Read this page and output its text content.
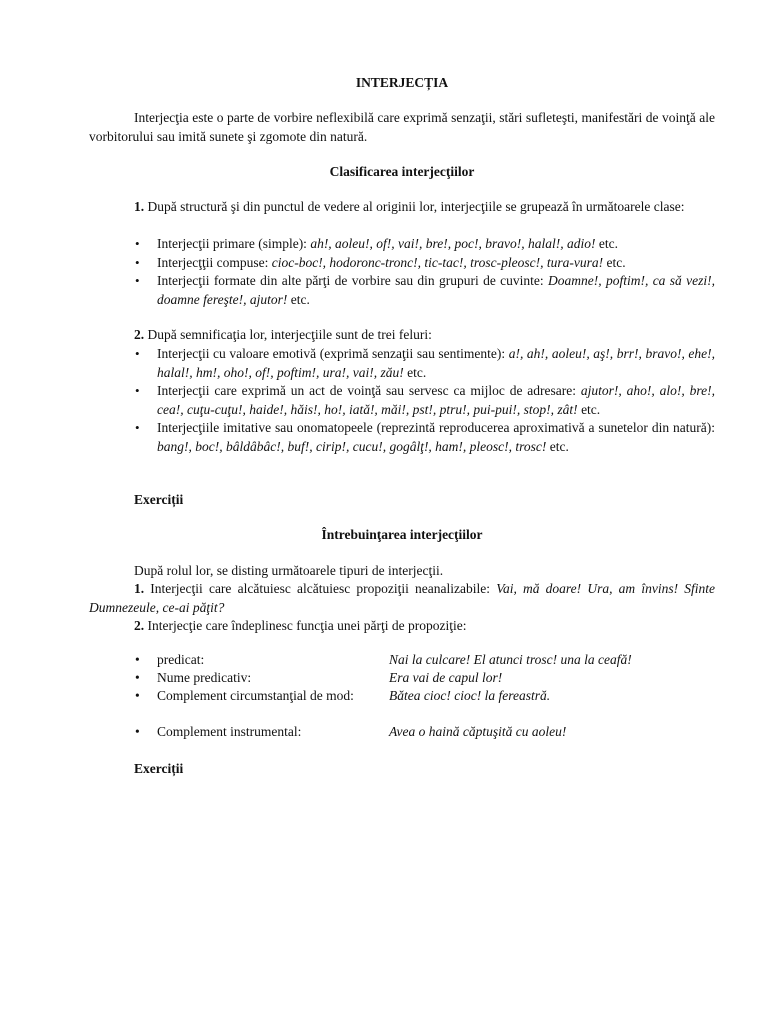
INTERJECȚIA
Interjecţia este o parte de vorbire neflexibilă care exprimă senzaţii, stări sufleteşti, manifestări de voinţă ale vorbitorului sau imită sunete şi zgomote din natură.
Clasificarea interjecţiilor
1. După structură şi din punctul de vedere al originii lor, interjecţiile se grupează în următoarele clase:
• Interjecţii primare (simple): ah!, aoleu!, of!, vai!, bre!, poc!, bravo!, halal!, adio! etc.
• Interjecţţii compuse: cioc-boc!, hodoronc-tronc!, tic-tac!, trosc-pleosc!, tura-vura! etc.
• Interjecţii formate din alte părţi de vorbire sau din grupuri de cuvinte: Doamne!, poftim!, ca să vezi!, doamne fereşte!, ajutor! etc.
2. După semnificaţia lor, interjecţiile sunt de trei feluri:
• Interjecţii cu valoare emotivă (exprimă senzaţii sau sentimente): a!, ah!, aoleu!, aş!, brr!, bravo!, ehe!, halal!, hm!, oho!, of!, poftim!, ura!, vai!, zău! etc.
• Interjecţii care exprimă un act de voinţă sau servesc ca mijloc de adresare: ajutor!, aho!, alo!, bre!, cea!, cuţu-cuţu!, haide!, hăis!, ho!, iată!, măi!, pst!, ptru!, pui-pui!, stop!, zât! etc.
• Interjecţiile imitative sau onomatopeele (reprezintă reproducerea aproximativă a sunetelor din natură): bang!, boc!, bâldâbâc!, buf!, cirip!, cucu!, gogâlţ!, ham!, pleosc!, trosc! etc.
Exerciții
Întrebuinţarea interjecţiilor
După rolul lor, se disting următoarele tipuri de interjecţii.
1. Interjecţii care alcătuiesc alcătuiesc propoziţii neanalizabile: Vai, mă doare! Ura, am învins! Sfinte Dumnezeule, ce-ai păţit?
2. Interjecţie care îndeplinesc funcţia unei părţi de propoziţie:
• predicat:	Nai la culcare! El atunci trosc! una la ceafă!
• Nume predicativ:	Era vai de capul lor!
• Complement circumstanţial de mod:	Bătea cioc! cioc! la fereastră.
• Complement instrumental:	Avea o haină căptuşită cu aoleu!
Exerciții
